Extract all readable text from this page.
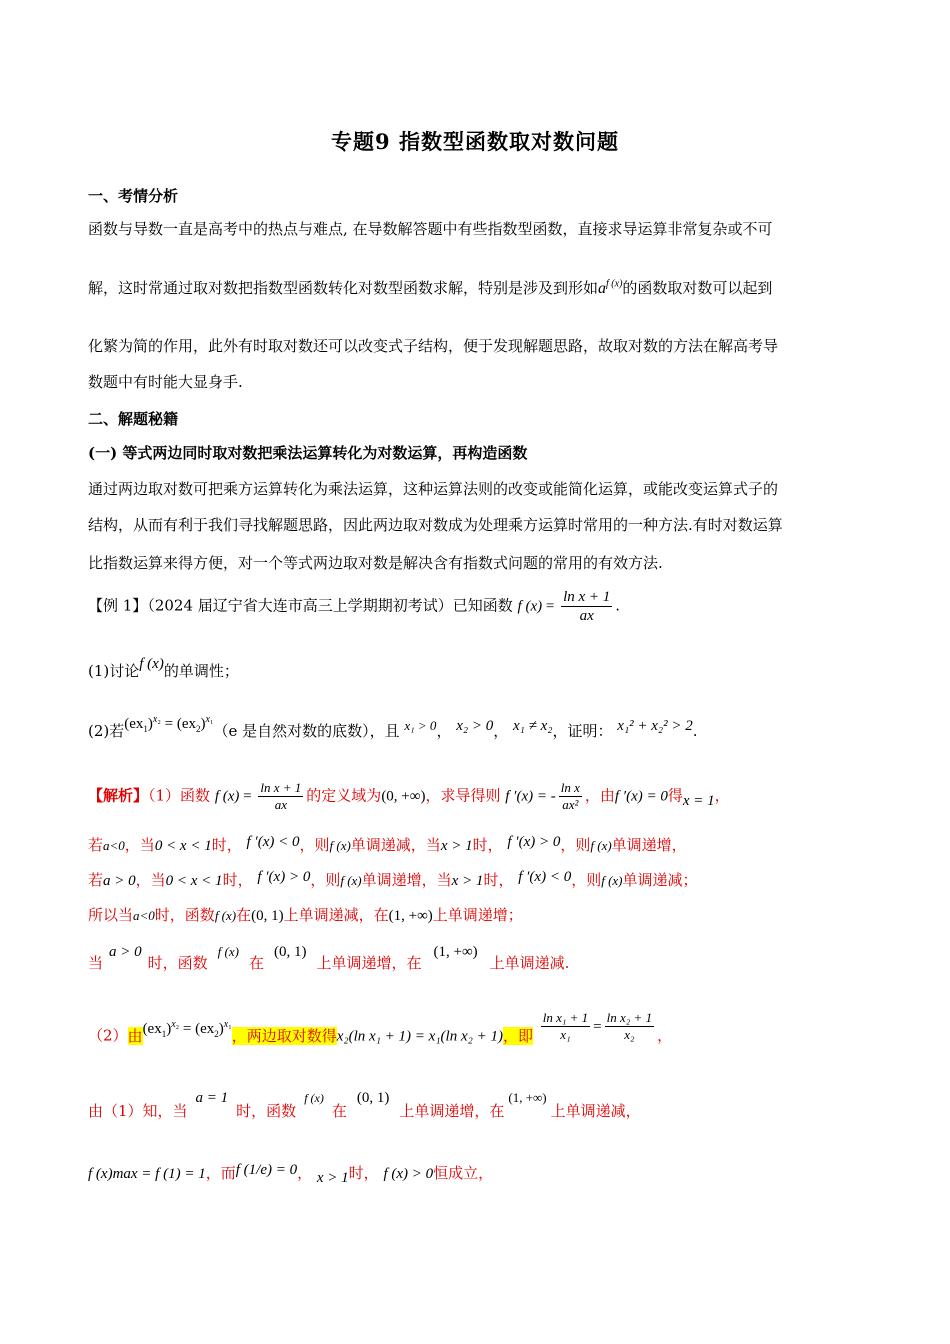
专题9 指数型函数取对数问题
一、考情分析
函数与导数一直是高考中的热点与难点, 在导数解答题中有些指数型函数，直接求导运算非常复杂或不可
解，这时常通过取对数把指数型函数转化对数型函数求解，特别是涉及到形如$a^{f (x)}$的函数取对数可以起到
化繁为简的作用，此外有时取对数还可以改变式子结构，便于发现解题思路，故取对数的方法在解高考导
数题中有时能大显身手.
二、解题秘籍
(一) 等式两边同时取对数把乘法运算转化为对数运算，再构造函数
通过两边取对数可把乘方运算转化为乘法运算，这种运算法则的改变或能简化运算，或能改变运算式子的
结构，从而有利于我们寻找解题思路，因此两边取对数成为处理乘方运算时常用的一种方法.有时对数运算
比指数运算来得方便，对一个等式两边取对数是解决含有指数式问题的常用的有效方法.
【例 1】（2024 届辽宁省大连市高三上学期期初考试）已知函数 f $(x) = \frac{\text{ln x + 1}}{ax}$ .
(1)讨论f (x)的单调性；
(2)若$(ex_1)^{x_2} = (ex_2)^{x_1}(e$ 是自然对数的底数），且 x₁ > 0， x₂ > 0， x₁ ≠ x₂，证明： x₁² + x₂² > 2.
【解析】（1）函数 f $(x) = \frac{\text{ln x + 1}}{ax}$ 的定义域为(0, +∞)，求导得则 f ′(x) = - $\frac{\text{ln x}}{\text{ax²}}$ ，由f ′(x) = 0得x = 1，
若a<0，当0 < x < 1时， f ′(x) < 0，则f (x)单调递减，当x > 1时， f ′(x) > 0，则f (x)单调递增，
若a > 0，当0 < x < 1时， f ′(x) > 0，则f (x)单调递增，当x > 1时， f ′(x) < 0，则f (x)单调递减；
所以当a<0时，函数f (x)在(0, 1)上单调递减，在(1, +∞)上单调递增；
当a > 0时，函数f (x)在(0, 1)上单调递增，在(1, +∞)上单调递减.
（2）由$(ex_1)^{x_2} = (ex_2)^{x_1}$，两边取对数得x₂(ln x₁ + 1) = x₁(ln x₂ + 1)，即 $\frac{\text{ln x₁ + 1}}{\text{x₁}} = \frac{\text{ln x₂ + 1}}{\text{x₂}}$ ，
由（1）知，当a = 1时，函数$^{f (x)}$在(0, 1)上单调递增，在(1, +∞)上单调递减，
f (x)max = f (1) = 1，而f (1/e) = 0， x > 1时， f (x) > 0恒成立，
